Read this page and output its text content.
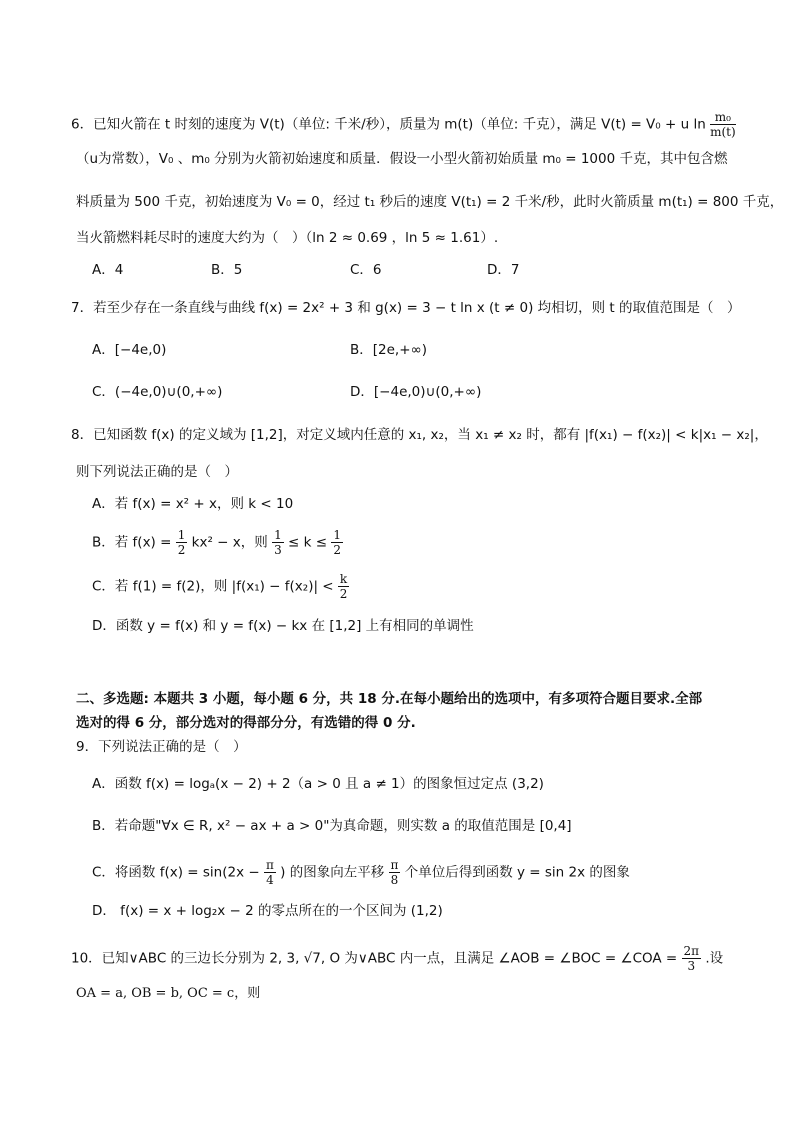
6．已知火箭在 t 时刻的速度为 V(t)（单位: 千米/秒），质量为 m(t)（单位: 千克），满足 V(t) = V₀ + u $\ln \frac{\text{m₀}}{m(t)}$
（u为常数），V₀ 、m₀ 分别为火箭初始速度和质量．假设一小型火箭初始质量 m₀ = 1000 千克，其中包含燃
料质量为 500 千克，初始速度为 V₀ = 0，经过 t₁ 秒后的速度 V(t₁) = 2 千米/秒，此时火箭质量 m(t₁) = 800 千克，
当火箭燃料耗尽时的速度大约为（　）（ln 2 ≈ 0.69 ，ln 5 ≈ 1.61）.
A．4	B．5	C．6	D．7
7．若至少存在一条直线与曲线 f(x) = 2x² + 3 和 g(x) = 3 − t ln x (t ≠ 0) 均相切，则 t 的取值范围是（　）
A．[−4e,0)	B．[2e,+∞)
C．(−4e,0)∪(0,+∞)	D．[−4e,0)∪(0,+∞)
8．已知函数 f(x) 的定义域为 [1,2]，对定义域内任意的 x₁, x₂，当 x₁ ≠ x₂ 时，都有 |f(x₁) − f(x₂)| < k|x₁ − x₂|，
则下列说法正确的是（　）
A．若 f(x) = x² + x，则 k < 10
B．若 $f(x) = \frac{1}{2} kx^2 - x$，则 $\frac{1}{3} \le k \le \frac{1}{2}$
C．若 f(1) = f(2)，则 $|f(x_1) - f(x_2)| < \frac{k}{2}$
D．函数 y = f(x) 和 y = f(x) − kx 在 [1,2] 上有相同的单调性
二、多选题: 本题共 3 小题，每小题 6 分，共 18 分.在每小题给出的选项中，有多项符合题目要求.全部
选对的得 6 分，部分选对的得部分分，有选错的得 0 分.
9．下列说法正确的是（　）
A．函数 f(x) = logₐ(x − 2) + 2（a > 0 且 a ≠ 1）的图象恒过定点 (3,2)
B．若命题"∀x ∈ R, x² − ax + a > 0"为真命题，则实数 a 的取值范围是 [0,4]
C．将函数 $f(x) = \sin(2x - \frac{\pi}{4}$ ) 的图象向左平移 $\frac{\pi}{8}$ 个单位后得到函数 y = sin 2x 的图象
D． f(x) = x + log₂x − 2 的零点所在的一个区间为 (1,2)
10．已知∨ABC 的三边长分别为 2, 3, √7, O 为∨ABC 内一点，且满足 ∠AOB = ∠BOC = ∠COA = $\frac{2\pi}{3}$ .设
OA = a, OB = b, OC = c，则
